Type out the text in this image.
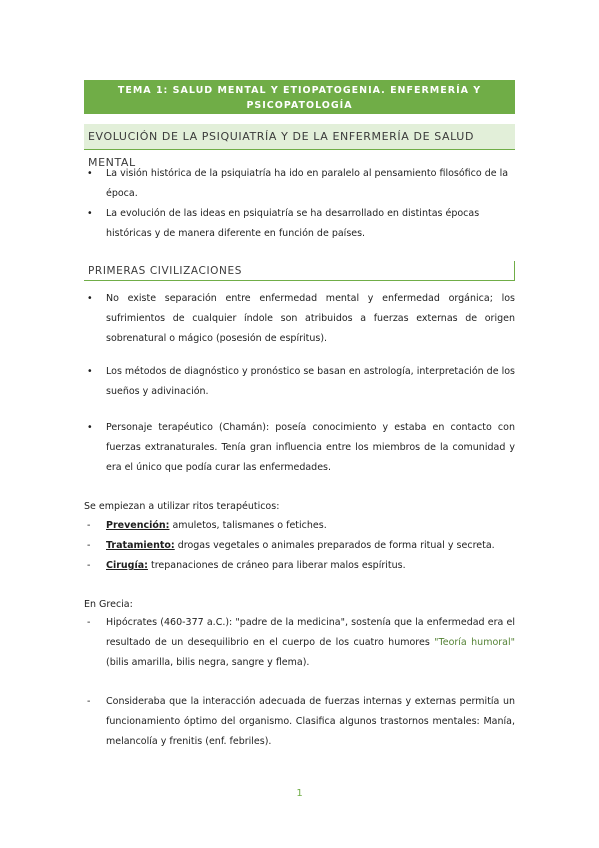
TEMA 1: SALUD MENTAL Y ETIOPATOGENIA. ENFERMERÍA Y
PSICOPATOLOGÍA
EVOLUCIÓN DE LA PSIQUIATRÍA Y DE LA ENFERMERÍA DE SALUD MENTAL
• La visión histórica de la psiquiatría ha ido en paralelo al pensamiento filosófico de la época.
• La evolución de las ideas en psiquiatría se ha desarrollado en distintas épocas históricas y de manera diferente en función de países.
PRIMERAS CIVILIZACIONES
• No existe separación entre enfermedad mental y enfermedad orgánica; los sufrimientos de cualquier índole son atribuidos a fuerzas externas de origen sobrenatural o mágico (posesión de espíritus).
• Los métodos de diagnóstico y pronóstico se basan en astrología, interpretación de los sueños y adivinación.
• Personaje terapéutico (Chamán): poseía conocimiento y estaba en contacto con fuerzas extranaturales. Tenía gran influencia entre los miembros de la comunidad y era el único que podía curar las enfermedades.
Se empiezan a utilizar ritos terapéuticos:
- Prevención: amuletos, talismanes o fetiches.
- Tratamiento: drogas vegetales o animales preparados de forma ritual y secreta.
- Cirugía: trepanaciones de cráneo para liberar malos espíritus.
En Grecia:
- Hipócrates (460-377 a.C.): "padre de la medicina", sostenía que la enfermedad era el resultado de un desequilibrio en el cuerpo de los cuatro humores "Teoría humoral" (bilis amarilla, bilis negra, sangre y flema).
- Consideraba que la interacción adecuada de fuerzas internas y externas permitía un funcionamiento óptimo del organismo. Clasifica algunos trastornos mentales: Manía, melancolía y frenitis (enf. febriles).
1
